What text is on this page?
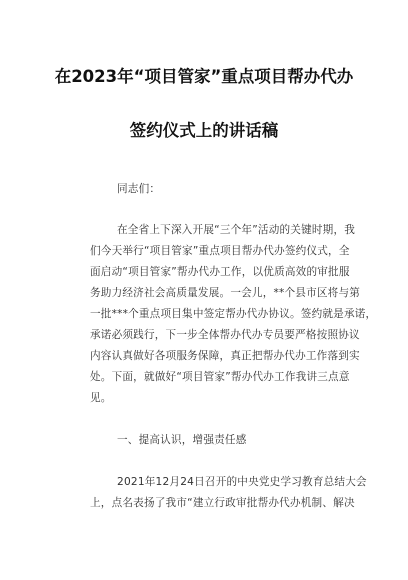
在2023年“项目管家”重点项目帮办代办
签约仪式上的讲话稿
同志们：
在全省上下深入开展“三个年”活动的关键时期，我
们今天举行“项目管家”重点项目帮办代办签约仪式，全
面启动“项目管家”帮办代办工作，以优质高效的审批服
务助力经济社会高质量发展。一会儿，**个县市区将与第
一批***个重点项目集中签定帮办代办协议。签约就是承诺，
承诺必须践行，下一步全体帮办代办专员要严格按照协议
内容认真做好各项服务保障，真正把帮办代办工作落到实
处。下面，就做好“项目管家”帮办代办工作我讲三点意
见。
一、提高认识，增强责任感
2021年12月24日召开的中央党史学习教育总结大会
上，点名表扬了我市“建立行政审批帮办代办机制、解决
